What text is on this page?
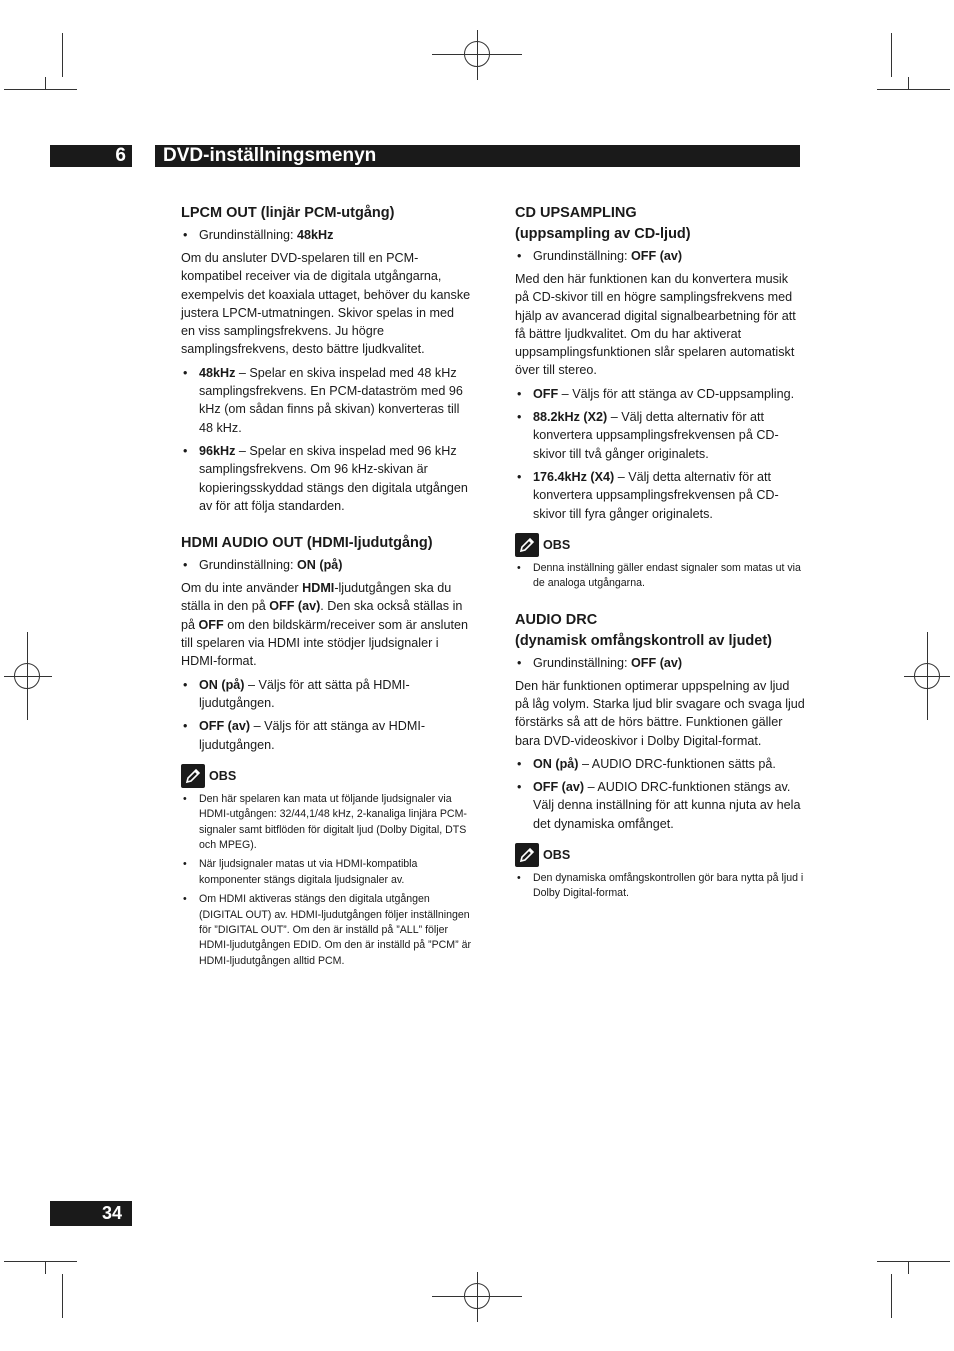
6 DVD-inställningsmenyn
LPCM OUT (linjär PCM-utgång)
• Grundinställning: 48kHz

Om du ansluter DVD-spelaren till en PCM-kompatibel receiver via de digitala utgångarna, exempelvis det koaxiala uttaget, behöver du kanske justera LPCM-utmatningen. Skivor spelas in med en viss samplingsfrekvens. Ju högre samplingsfrekvens, desto bättre ljudkvalitet.

• 48kHz – Spelar en skiva inspelad med 48 kHz samplingsfrekvens. En PCM-dataström med 96 kHz (om sådan finns på skivan) konverteras till 48 kHz.
• 96kHz – Spelar en skiva inspelad med 96 kHz samplingsfrekvens. Om 96 kHz-skivan är kopieringsskyddad stängs den digitala utgången av för att följa standarden.
HDMI AUDIO OUT (HDMI-ljudutgång)
• Grundinställning: ON (på)

Om du inte använder HDMI-ljudutgången ska du ställa in den på OFF (av). Den ska också ställas in på OFF om den bildskärm/receiver som är ansluten till spelaren via HDMI inte stödjer ljudsignaler i HDMI-format.

• ON (på) – Väljs för att sätta på HDMI-ljudutgången.
• OFF (av) – Väljs för att stänga av HDMI-ljudutgången.
OBS
• Den här spelaren kan mata ut följande ljudsignaler via HDMI-utgången: 32/44,1/48 kHz, 2-kanaliga linjära PCM-signaler samt bitflöden för digitalt ljud (Dolby Digital, DTS och MPEG).
• När ljudsignaler matas ut via HDMI-kompatibla komponenter stängs digitala ljudsignaler av.
• Om HDMI aktiveras stängs den digitala utgången (DIGITAL OUT) av. HDMI-ljudutgången följer inställningen för ”DIGITAL OUT”. Om den är inställd på ”ALL” följer HDMI-ljudutgången EDID. Om den är inställd på ”PCM” är HDMI-ljudutgången alltid PCM.
CD UPSAMPLING
(uppsampling av CD-ljud)
• Grundinställning: OFF (av)

Med den här funktionen kan du konvertera musik på CD-skivor till en högre samplingsfrekvens med hjälp av avancerad digital signalbearbetning för att få bättre ljudkvalitet. Om du har aktiverat uppsamplingsfunktionen slår spelaren automatiskt över till stereo.

• OFF – Väljs för att stänga av CD-uppsampling.
• 88.2kHz (X2) – Välj detta alternativ för att konvertera uppsamplingsfrekvensen på CD-skivor till två gånger originalets.
• 176.4kHz (X4) – Välj detta alternativ för att konvertera uppsamplingsfrekvensen på CD-skivor till fyra gånger originalets.
OBS
• Denna inställning gäller endast signaler som matas ut via de analoga utgångarna.
AUDIO DRC
(dynamisk omfångskontroll av ljudet)
• Grundinställning: OFF (av)

Den här funktionen optimerar uppspelning av ljud på låg volym. Starka ljud blir svagare och svaga ljud förstärks så att de hörs bättre. Funktionen gäller bara DVD-videoskivor i Dolby Digital-format.

• ON (på) – AUDIO DRC-funktionen sätts på.
• OFF (av) – AUDIO DRC-funktionen stängs av. Välj denna inställning för att kunna njuta av hela det dynamiska omfånget.
OBS
• Den dynamiska omfångskontrollen gör bara nytta på ljud i Dolby Digital-format.
34
